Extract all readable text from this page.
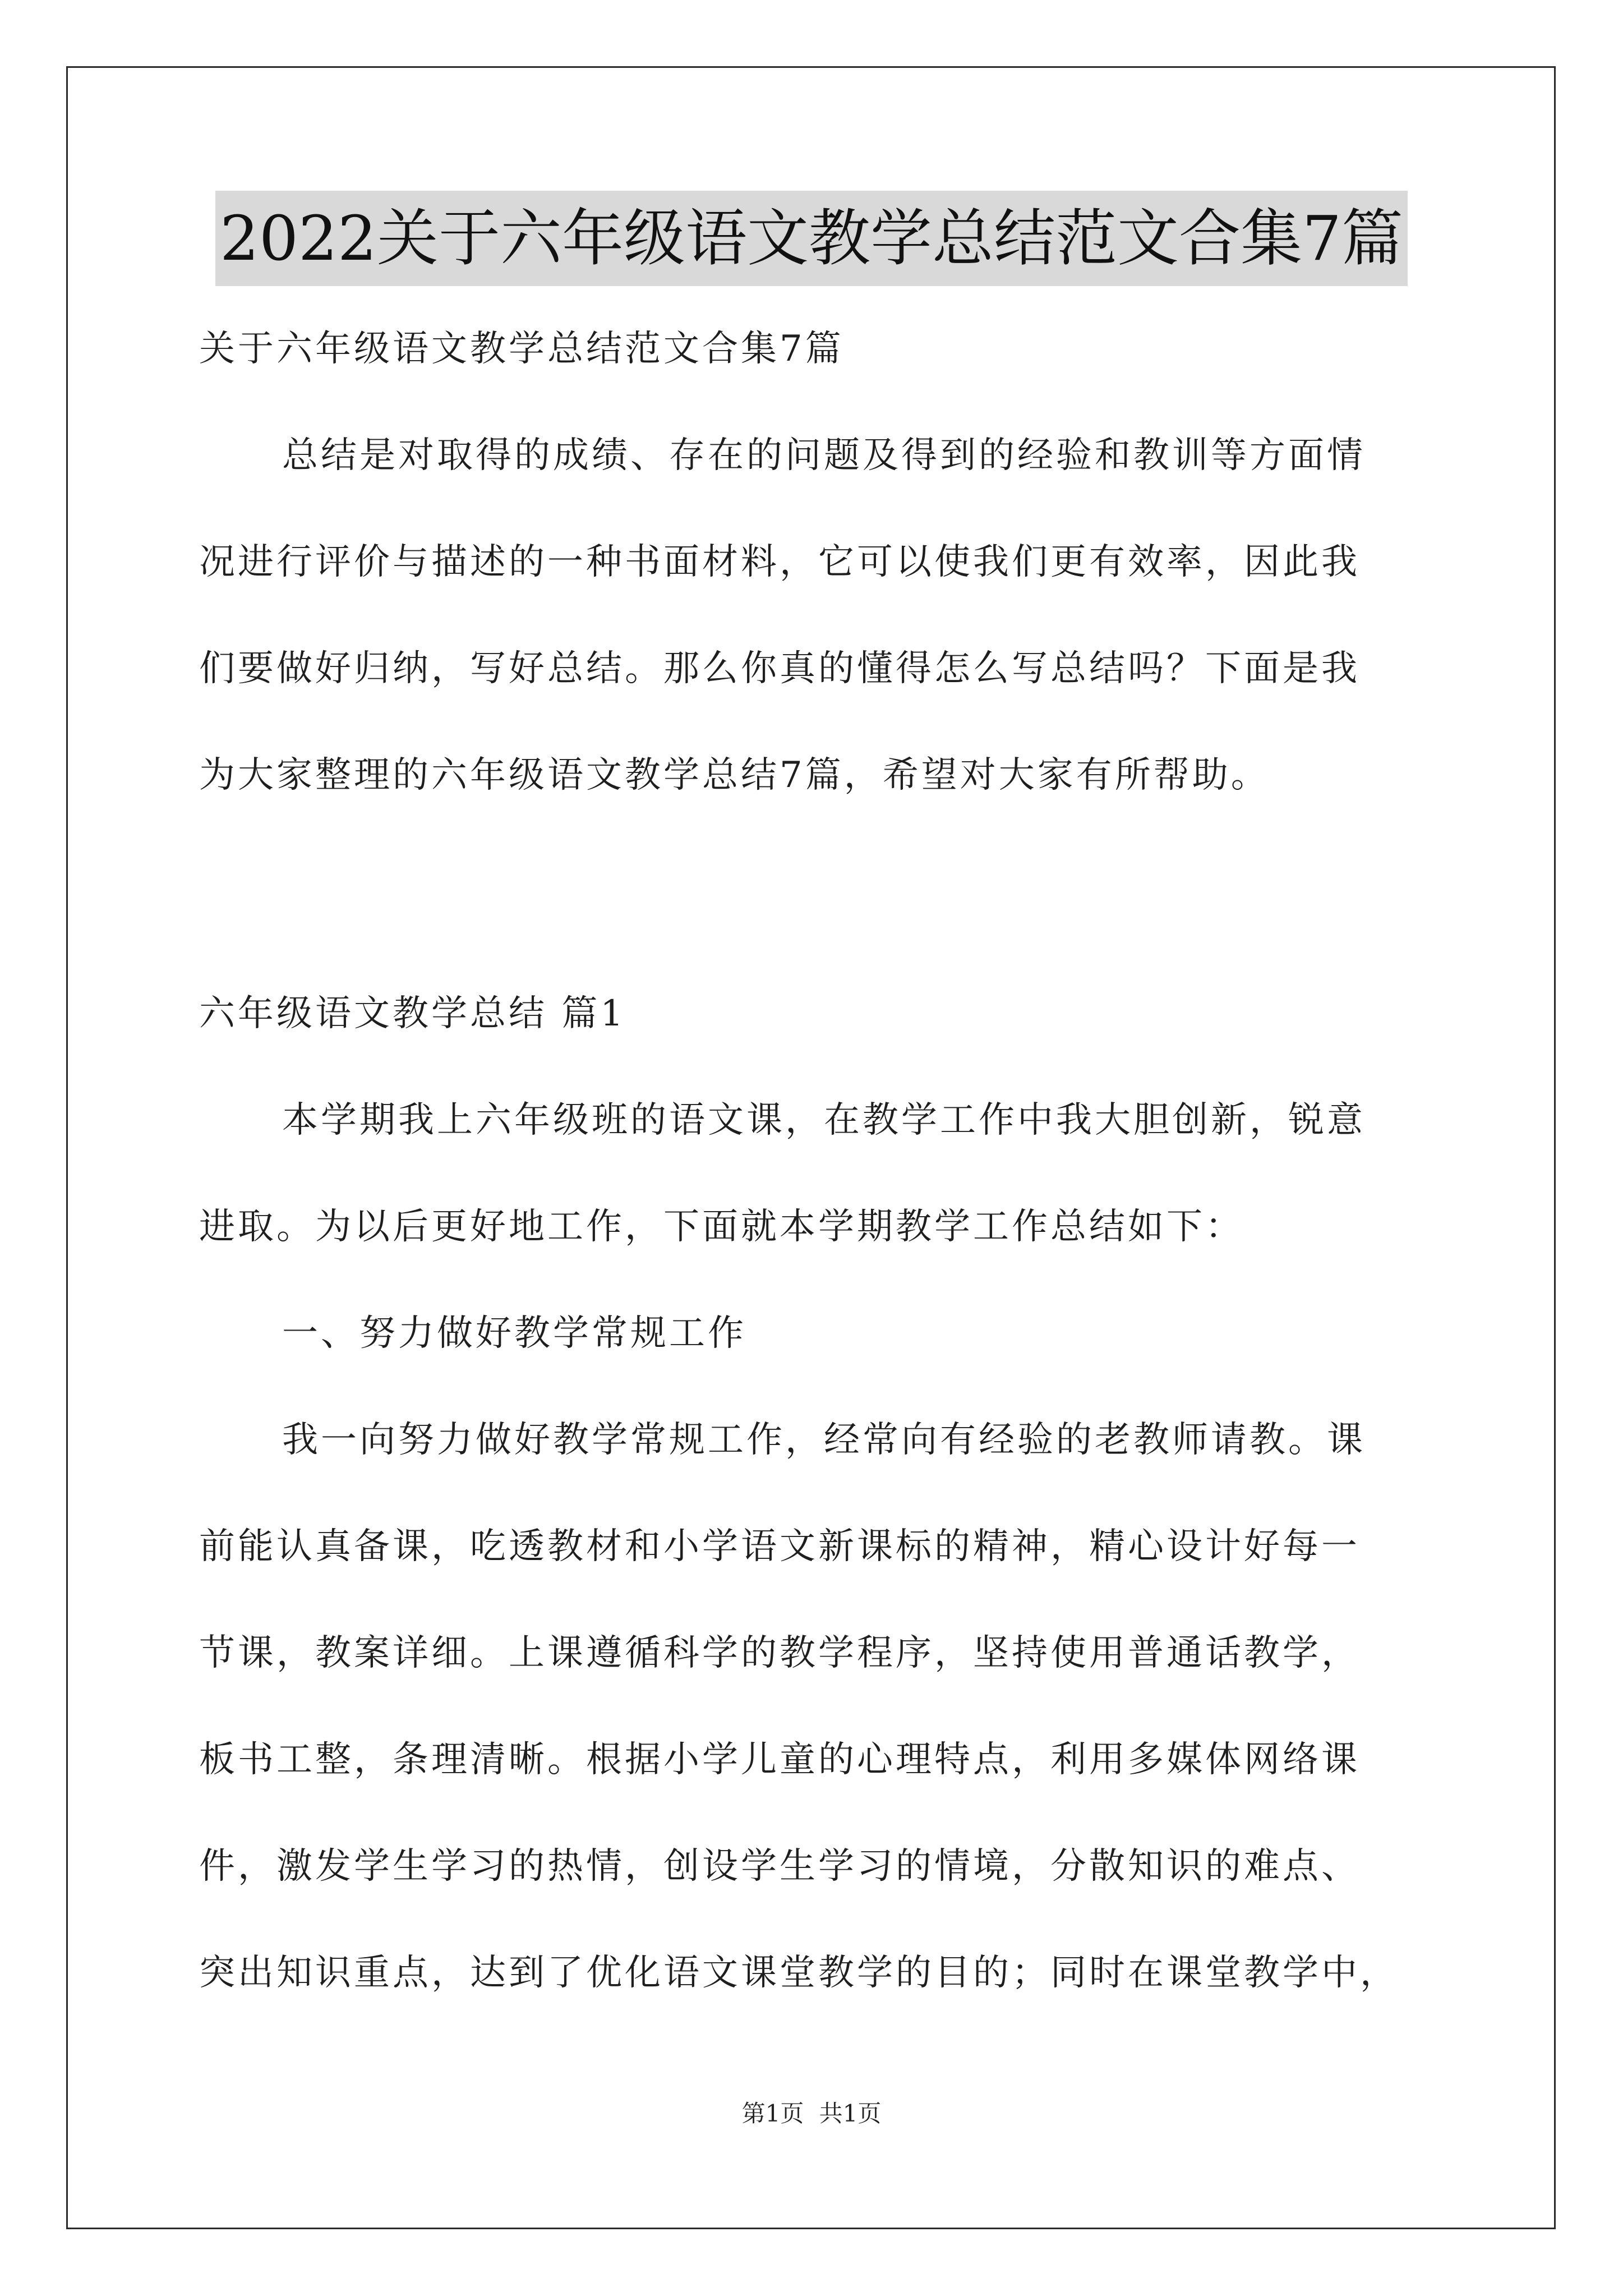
2022关于六年级语文教学总结范文合集7篇
关于六年级语文教学总结范文合集7篇
总结是对取得的成绩、存在的问题及得到的经验和教训等方面情
况进行评价与描述的一种书面材料，它可以使我们更有效率，因此我
们要做好归纳，写好总结。那么你真的懂得怎么写总结吗？下面是我
为大家整理的六年级语文教学总结7篇，希望对大家有所帮助。
六年级语文教学总结 篇1
本学期我上六年级班的语文课，在教学工作中我大胆创新，锐意
进取。为以后更好地工作，下面就本学期教学工作总结如下：
一、努力做好教学常规工作
我一向努力做好教学常规工作，经常向有经验的老教师请教。课
前能认真备课，吃透教材和小学语文新课标的精神，精心设计好每一
节课，教案详细。上课遵循科学的教学程序，坚持使用普通话教学，
板书工整，条理清晰。根据小学儿童的心理特点，利用多媒体网络课
件，激发学生学习的热情，创设学生学习的情境，分散知识的难点、
突出知识重点，达到了优化语文课堂教学的目的；同时在课堂教学中，
第1页 共1页
